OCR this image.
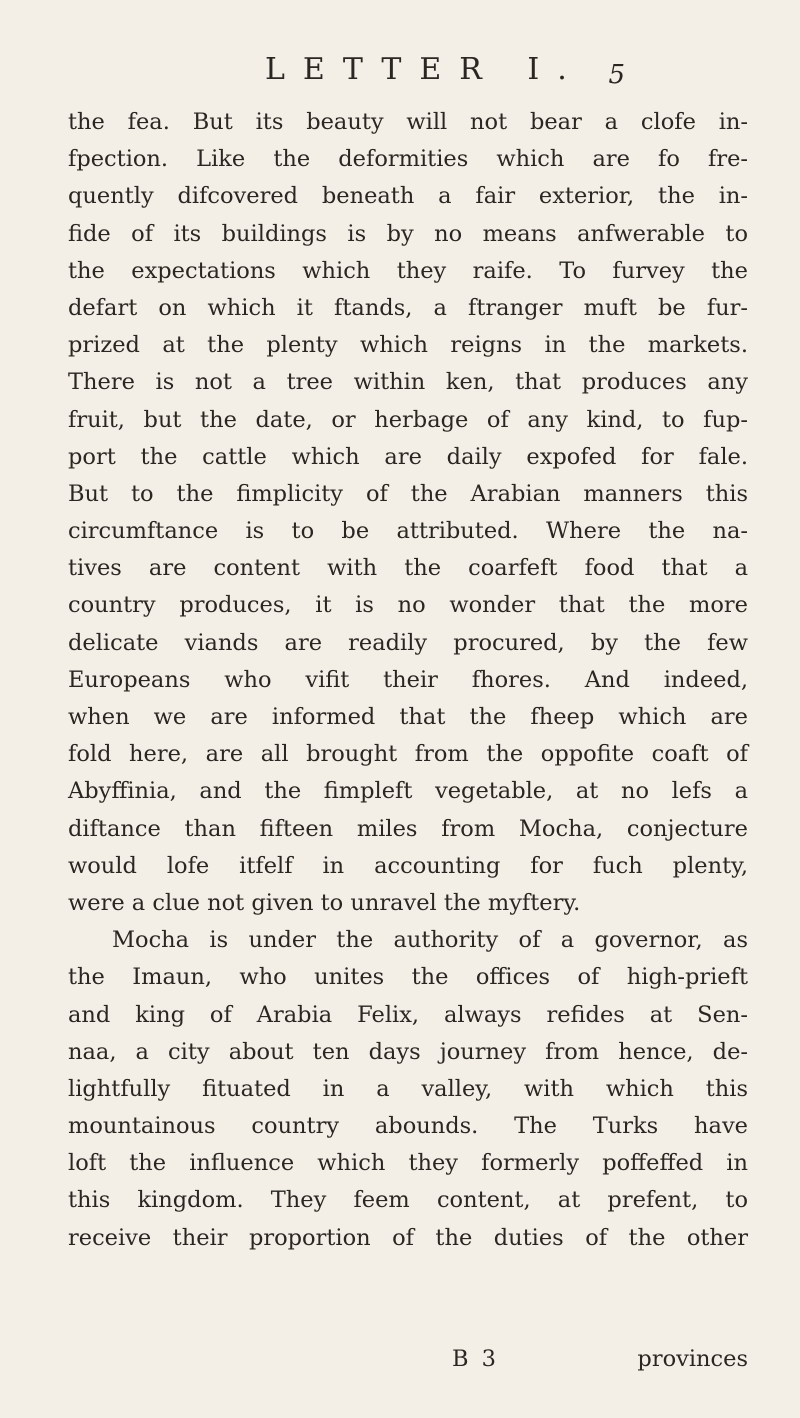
LETTER I. 5
the fea. But its beauty will not bear a clofe in-
fpection. Like the deformities which are fo fre-
quently difcovered beneath a fair exterior, the in-
fide of its buildings is by no means anfwerable to
the expectations which they raife. To furvey the
defart on which it ftands, a ftranger muft be fur-
prized at the plenty which reigns in the markets.
There is not a tree within ken, that produces any
fruit, but the date, or herbage of any kind, to fup-
port the cattle which are daily expofed for fale.
But to the fimplicity of the Arabian manners this
circumftance is to be attributed. Where the na-
tives are content with the coarfeft food that a
country produces, it is no wonder that the more
delicate viands are readily procured, by the few
Europeans who vifit their fhores. And indeed,
when we are informed that the fheep which are
fold here, are all brought from the oppofite coaft of
Abyffinia, and the fimpleft vegetable, at no lefs a
diftance than fifteen miles from Mocha, conjecture
would lofe itfelf in accounting for fuch plenty,
were a clue not given to unravel the myftery.
Mocha is under the authority of a governor, as
the Imaun, who unites the offices of high-prieft
and king of Arabia Felix, always refides at Sen-
naa, a city about ten days journey from hence, de-
lightfully fituated in a valley, with which this
mountainous country abounds. The Turks have
loft the influence which they formerly poffeffed in
this kingdom. They feem content, at prefent, to
receive their proportion of the duties of the other
B 3	provinces
